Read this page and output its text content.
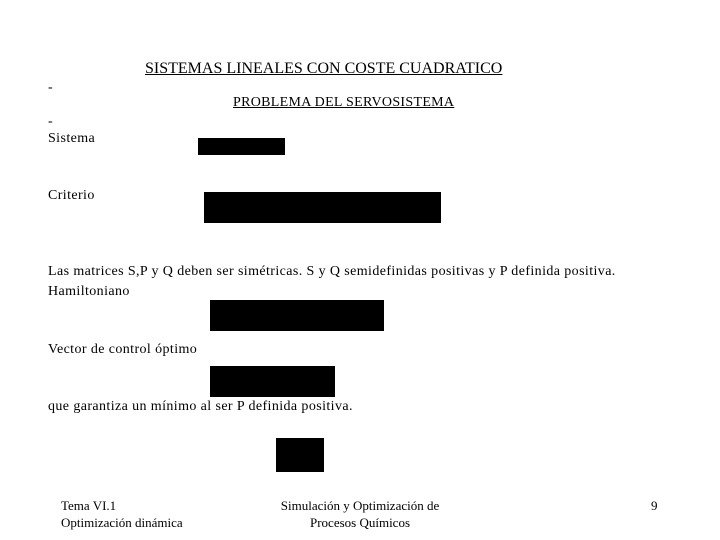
SISTEMAS LINEALES CON COSTE CUADRATICO
-
PROBLEMA DEL SERVOSISTEMA
-
Sistema
Criterio
Las matrices S,P y Q deben ser simétricas. S y Q semidefinidas positivas y P definida positiva.
Hamiltoniano
Vector de control óptimo
que garantiza un mínimo al ser P definida positiva.
Tema VI.1
Optimización dinámica
Simulación y Optimización de
Procesos Químicos
9
